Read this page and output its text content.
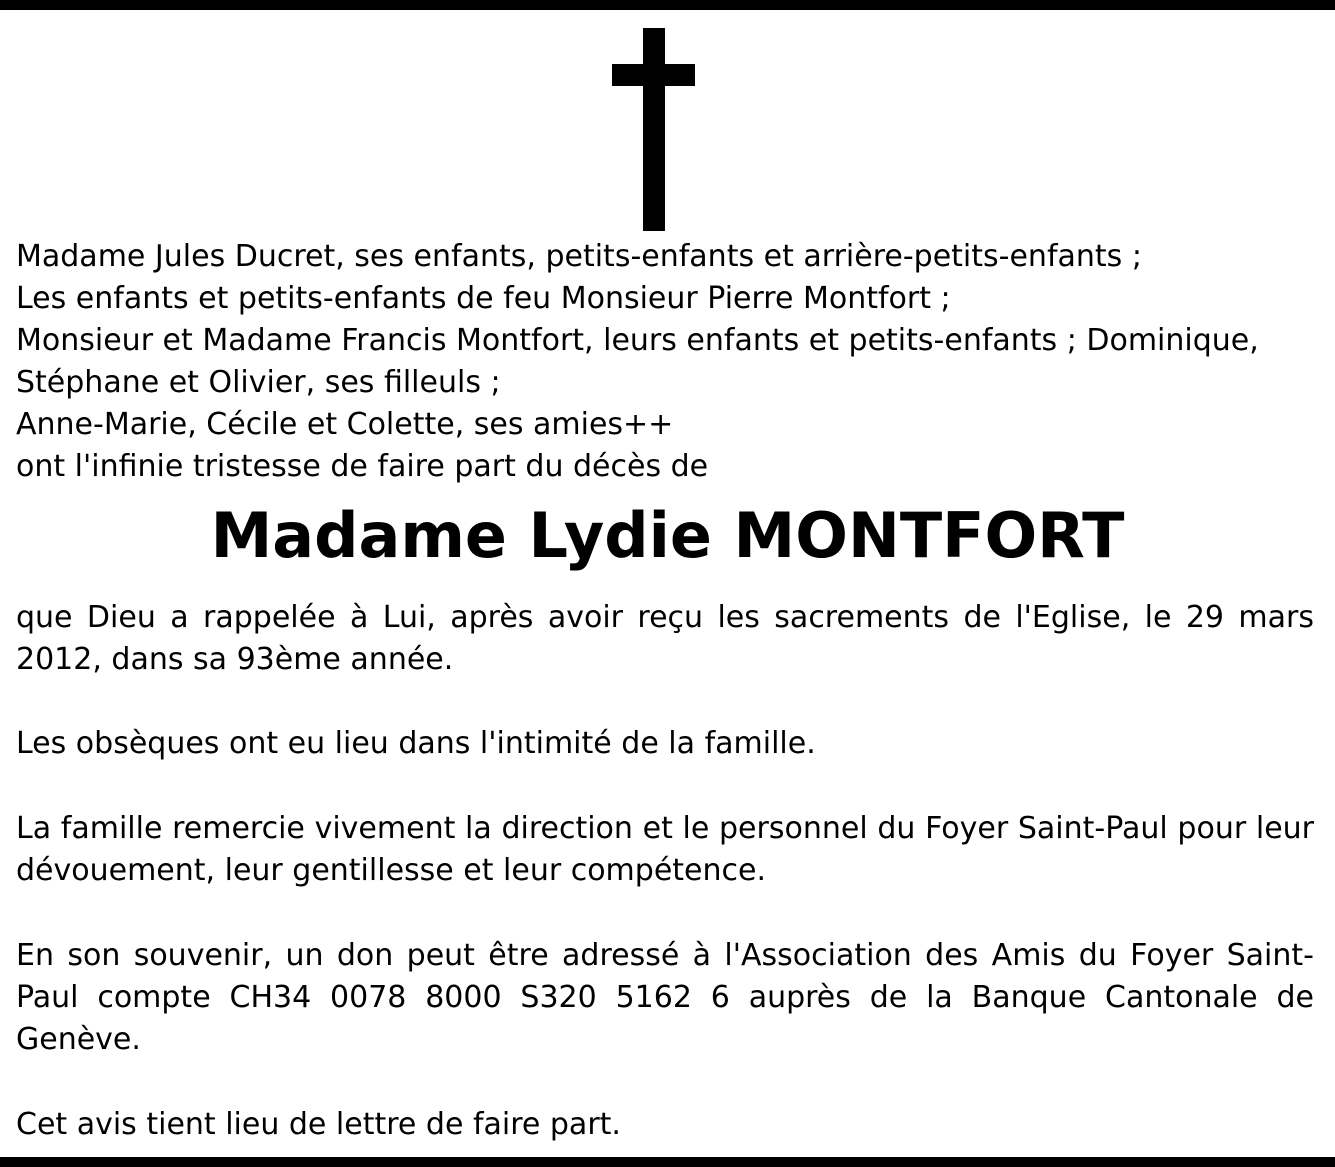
Madame Jules Ducret, ses enfants, petits-enfants et arrière-petits-enfants ;
Les enfants et petits-enfants de feu Monsieur Pierre Montfort ;
Monsieur et Madame Francis Montfort, leurs enfants et petits-enfants ; Dominique,
Stéphane et Olivier, ses filleuls ;
Anne-Marie, Cécile et Colette, ses amies++
ont l'infinie tristesse de faire part du décès de
Madame Lydie MONTFORT
que Dieu a rappelée à Lui, après avoir reçu les sacrements de l'Eglise, le 29 mars 2012, dans sa 93ème année.
Les obsèques ont eu lieu dans l'intimité de la famille.
La famille remercie vivement la direction et le personnel du Foyer Saint-Paul pour leur dévouement, leur gentillesse et leur compétence.
En son souvenir, un don peut être adressé à l'Association des Amis du Foyer Saint-Paul compte CH34 0078 8000 S320 5162 6 auprès de la Banque Cantonale de Genève.
Cet avis tient lieu de lettre de faire part.
